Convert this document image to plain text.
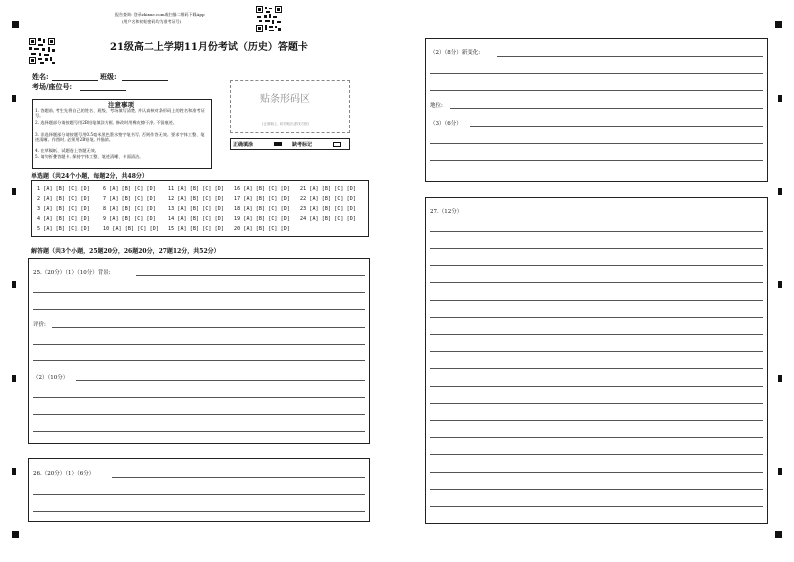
报告查询: 登录zhixue.com或扫描二维码下载App
(用户名和初始密码均为准考证号)
21级高二上学期11月份考试（历史）答题卡
姓名:	班级:
考场/座位号:
注意事项
1. 答题前, 考生先将自己的姓名、班级、考场填写清楚, 并认真核对条形码上的姓名和准考证号。
2. 选择题部分请按题号用2B铅笔填涂方框, 修改时用橡皮擦干净, 不留痕迹。
3. 非选择题部分请按题号用0.5毫米黑色墨水签字笔书写, 否则作答无效。要求字体工整、笔迹清晰。作图时, 必须用2B铅笔, 并描浓。
4. 在草稿纸、试题卷上答题无效。
5. 请勿折叠答题卡, 保持字体工整、笔迹清晰、卡面清洁。
贴条形码区
(正面朝上, 切勿贴出虚线方框)
正确填涂	缺考标记
单选题（共24个小题，每题2分，共48分）
1 [A] [B] [C] [D]
2 [A] [B] [C] [D]
3 [A] [B] [C] [D]
4 [A] [B] [C] [D]
5 [A] [B] [C] [D]
6 [A] [B] [C] [D]
7 [A] [B] [C] [D]
8 [A] [B] [C] [D]
9 [A] [B] [C] [D]
10 [A] [B] [C] [D]
11 [A] [B] [C] [D]
12 [A] [B] [C] [D]
13 [A] [B] [C] [D]
14 [A] [B] [C] [D]
15 [A] [B] [C] [D]
16 [A] [B] [C] [D]
17 [A] [B] [C] [D]
18 [A] [B] [C] [D]
19 [A] [B] [C] [D]
20 [A] [B] [C] [D]
21 [A] [B] [C] [D]
22 [A] [B] [C] [D]
23 [A] [B] [C] [D]
24 [A] [B] [C] [D]
解答题（共3个小题，25题20分，26题20分，27题12分，共52分）
25.（20分）（1）（10分）背景:
评价:
（2）（10分）
26.（20分）（1）（6分）
（2）（8分）新变化:
地位:
（3）（6分）
27.（12分）
